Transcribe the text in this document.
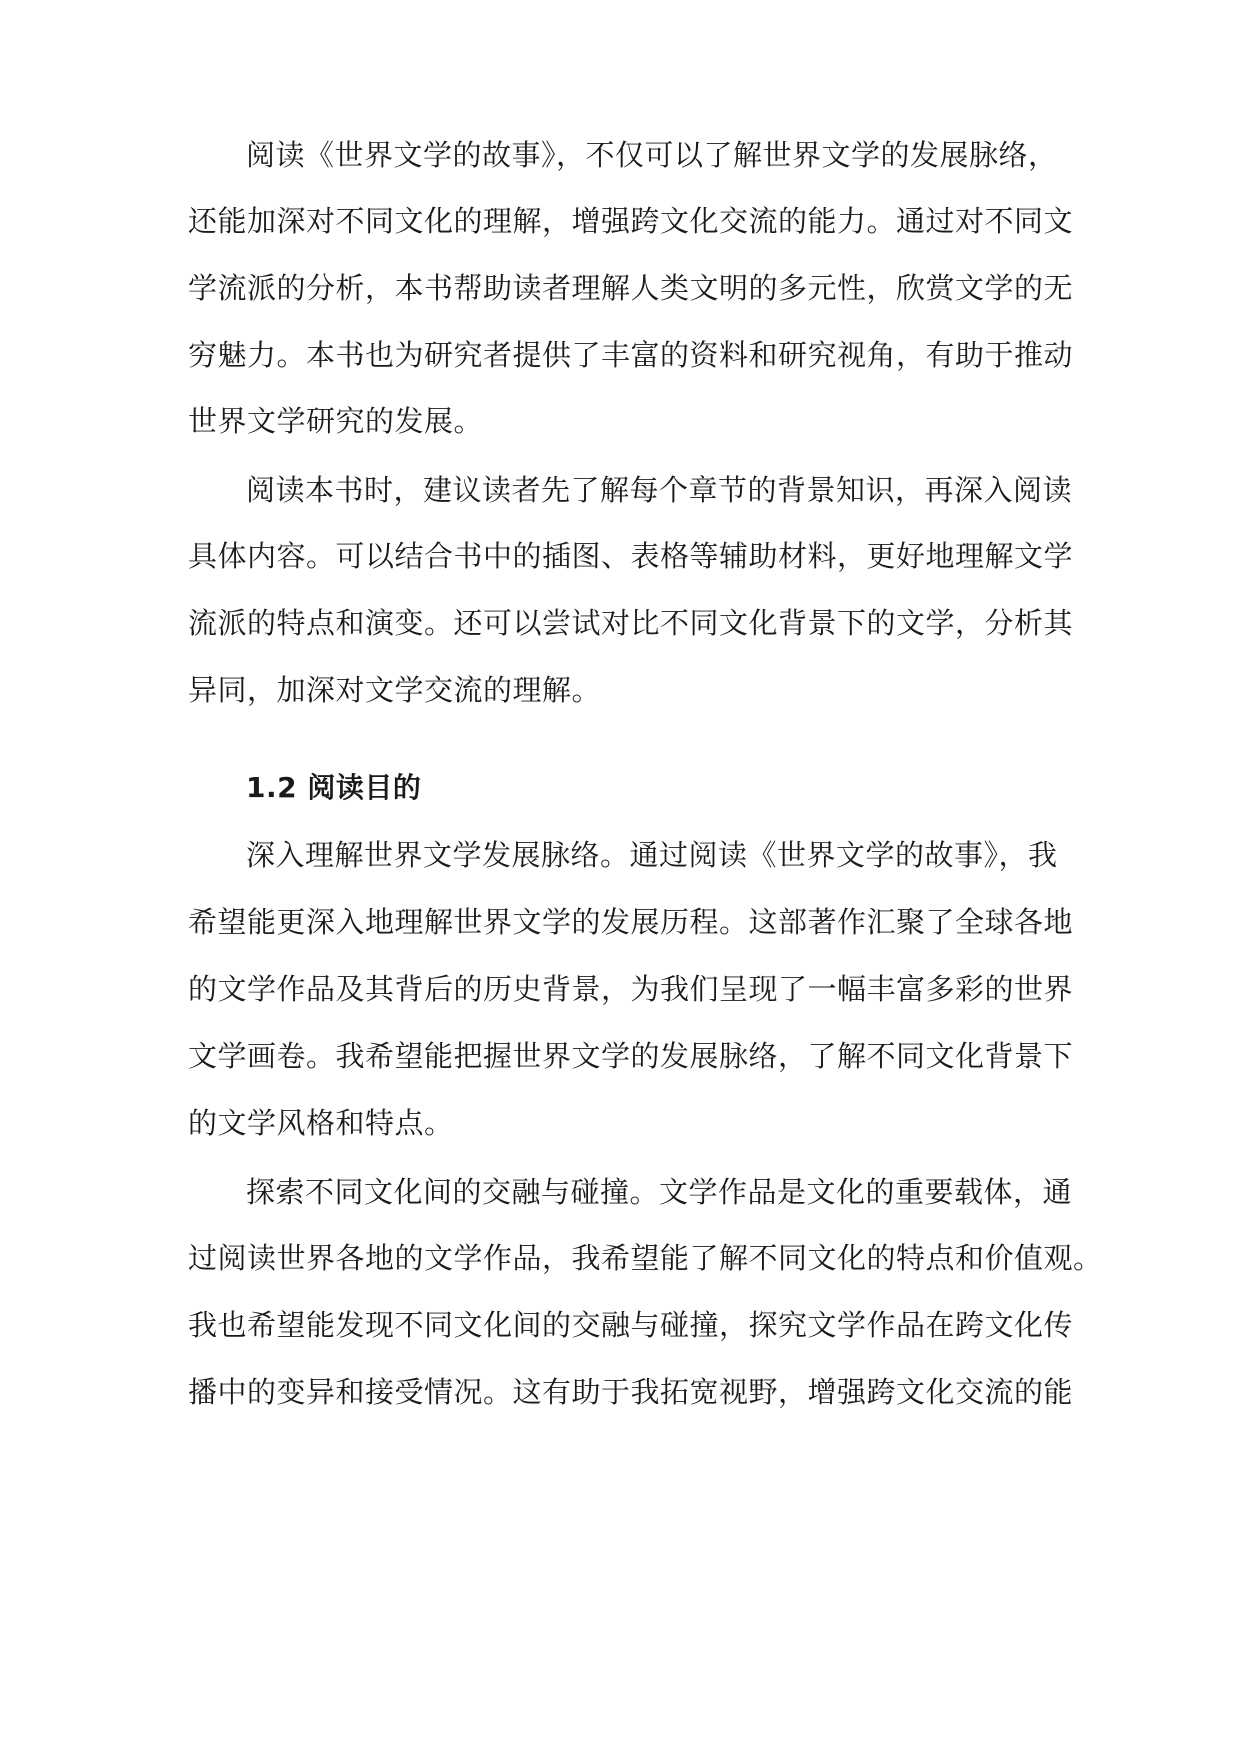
阅读《世界文学的故事》，不仅可以了解世界文学的发展脉络，
还能加深对不同文化的理解，增强跨文化交流的能力。通过对不同文
学流派的分析，本书帮助读者理解人类文明的多元性，欣赏文学的无
穷魅力。本书也为研究者提供了丰富的资料和研究视角，有助于推动
世界文学研究的发展。
阅读本书时，建议读者先了解每个章节的背景知识，再深入阅读
具体内容。可以结合书中的插图、表格等辅助材料，更好地理解文学
流派的特点和演变。还可以尝试对比不同文化背景下的文学，分析其
异同，加深对文学交流的理解。
1.2 阅读目的
深入理解世界文学发展脉络。通过阅读《世界文学的故事》，我
希望能更深入地理解世界文学的发展历程。这部著作汇聚了全球各地
的文学作品及其背后的历史背景，为我们呈现了一幅丰富多彩的世界
文学画卷。我希望能把握世界文学的发展脉络，了解不同文化背景下
的文学风格和特点。
探索不同文化间的交融与碰撞。文学作品是文化的重要载体，通
过阅读世界各地的文学作品，我希望能了解不同文化的特点和价值观。
我也希望能发现不同文化间的交融与碰撞，探究文学作品在跨文化传
播中的变异和接受情况。这有助于我拓宽视野，增强跨文化交流的能
